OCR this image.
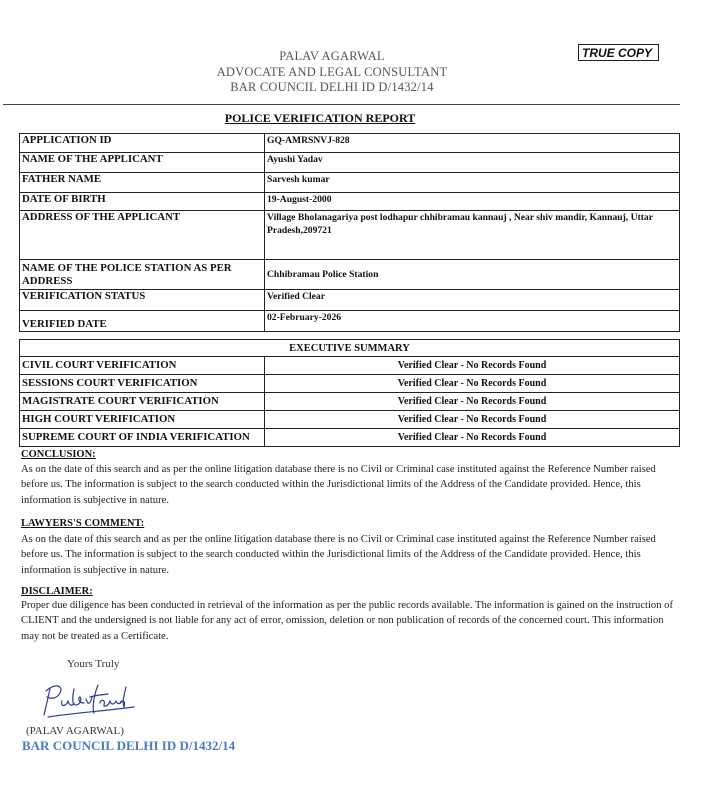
PALAV AGARWAL
ADVOCATE AND LEGAL CONSULTANT
BAR COUNCIL DELHI ID D/1432/14
TRUE COPY
POLICE VERIFICATION REPORT
APPLICATION ID	GQ-AMRSNVJ-828
NAME OF THE APPLICANT	Ayushi Yadav
FATHER NAME	Sarvesh kumar
DATE OF BIRTH	19-August-2000
ADDRESS OF THE APPLICANT	Village Bholanagariya post lodhapur chhibramau kannauj , Near shiv mandir, Kannauj, Uttar Pradesh,209721
NAME OF THE POLICE STATION AS PER ADDRESS	Chhibramau Police Station
VERIFICATION STATUS	Verified Clear
VERIFIED DATE	02-February-2026
EXECUTIVE SUMMARY	
CIVIL COURT VERIFICATION	Verified Clear - No Records Found
SESSIONS COURT VERIFICATION	Verified Clear - No Records Found
MAGISTRATE COURT VERIFICATION	Verified Clear - No Records Found
HIGH COURT VERIFICATION	Verified Clear - No Records Found
SUPREME COURT OF INDIA VERIFICATION	Verified Clear - No Records Found
CONCLUSION:
As on the date of this search and as per the online litigation database there is no Civil or Criminal case instituted against the Reference Number raised before us. The information is subject to the search conducted within the Jurisdictional limits of the Address of the Candidate provided. Hence, this information is subjective in nature.
LAWYERS'S COMMENT:
As on the date of this search and as per the online litigation database there is no Civil or Criminal case instituted against the Reference Number raised before us. The information is subject to the search conducted within the Jurisdictional limits of the Address of the Candidate provided. Hence, this information is subjective in nature.
DISCLAIMER:
Proper due diligence has been conducted in retrieval of the information as per the public records available. The information is gained on the instruction of CLIENT and the undersigned is not liable for any act of error, omission, deletion or non publication of records of the concerned court. This information may not be treated as a Certificate.
Yours Truly
(PALAV AGARWAL)
BAR COUNCIL DELHI ID D/1432/14
